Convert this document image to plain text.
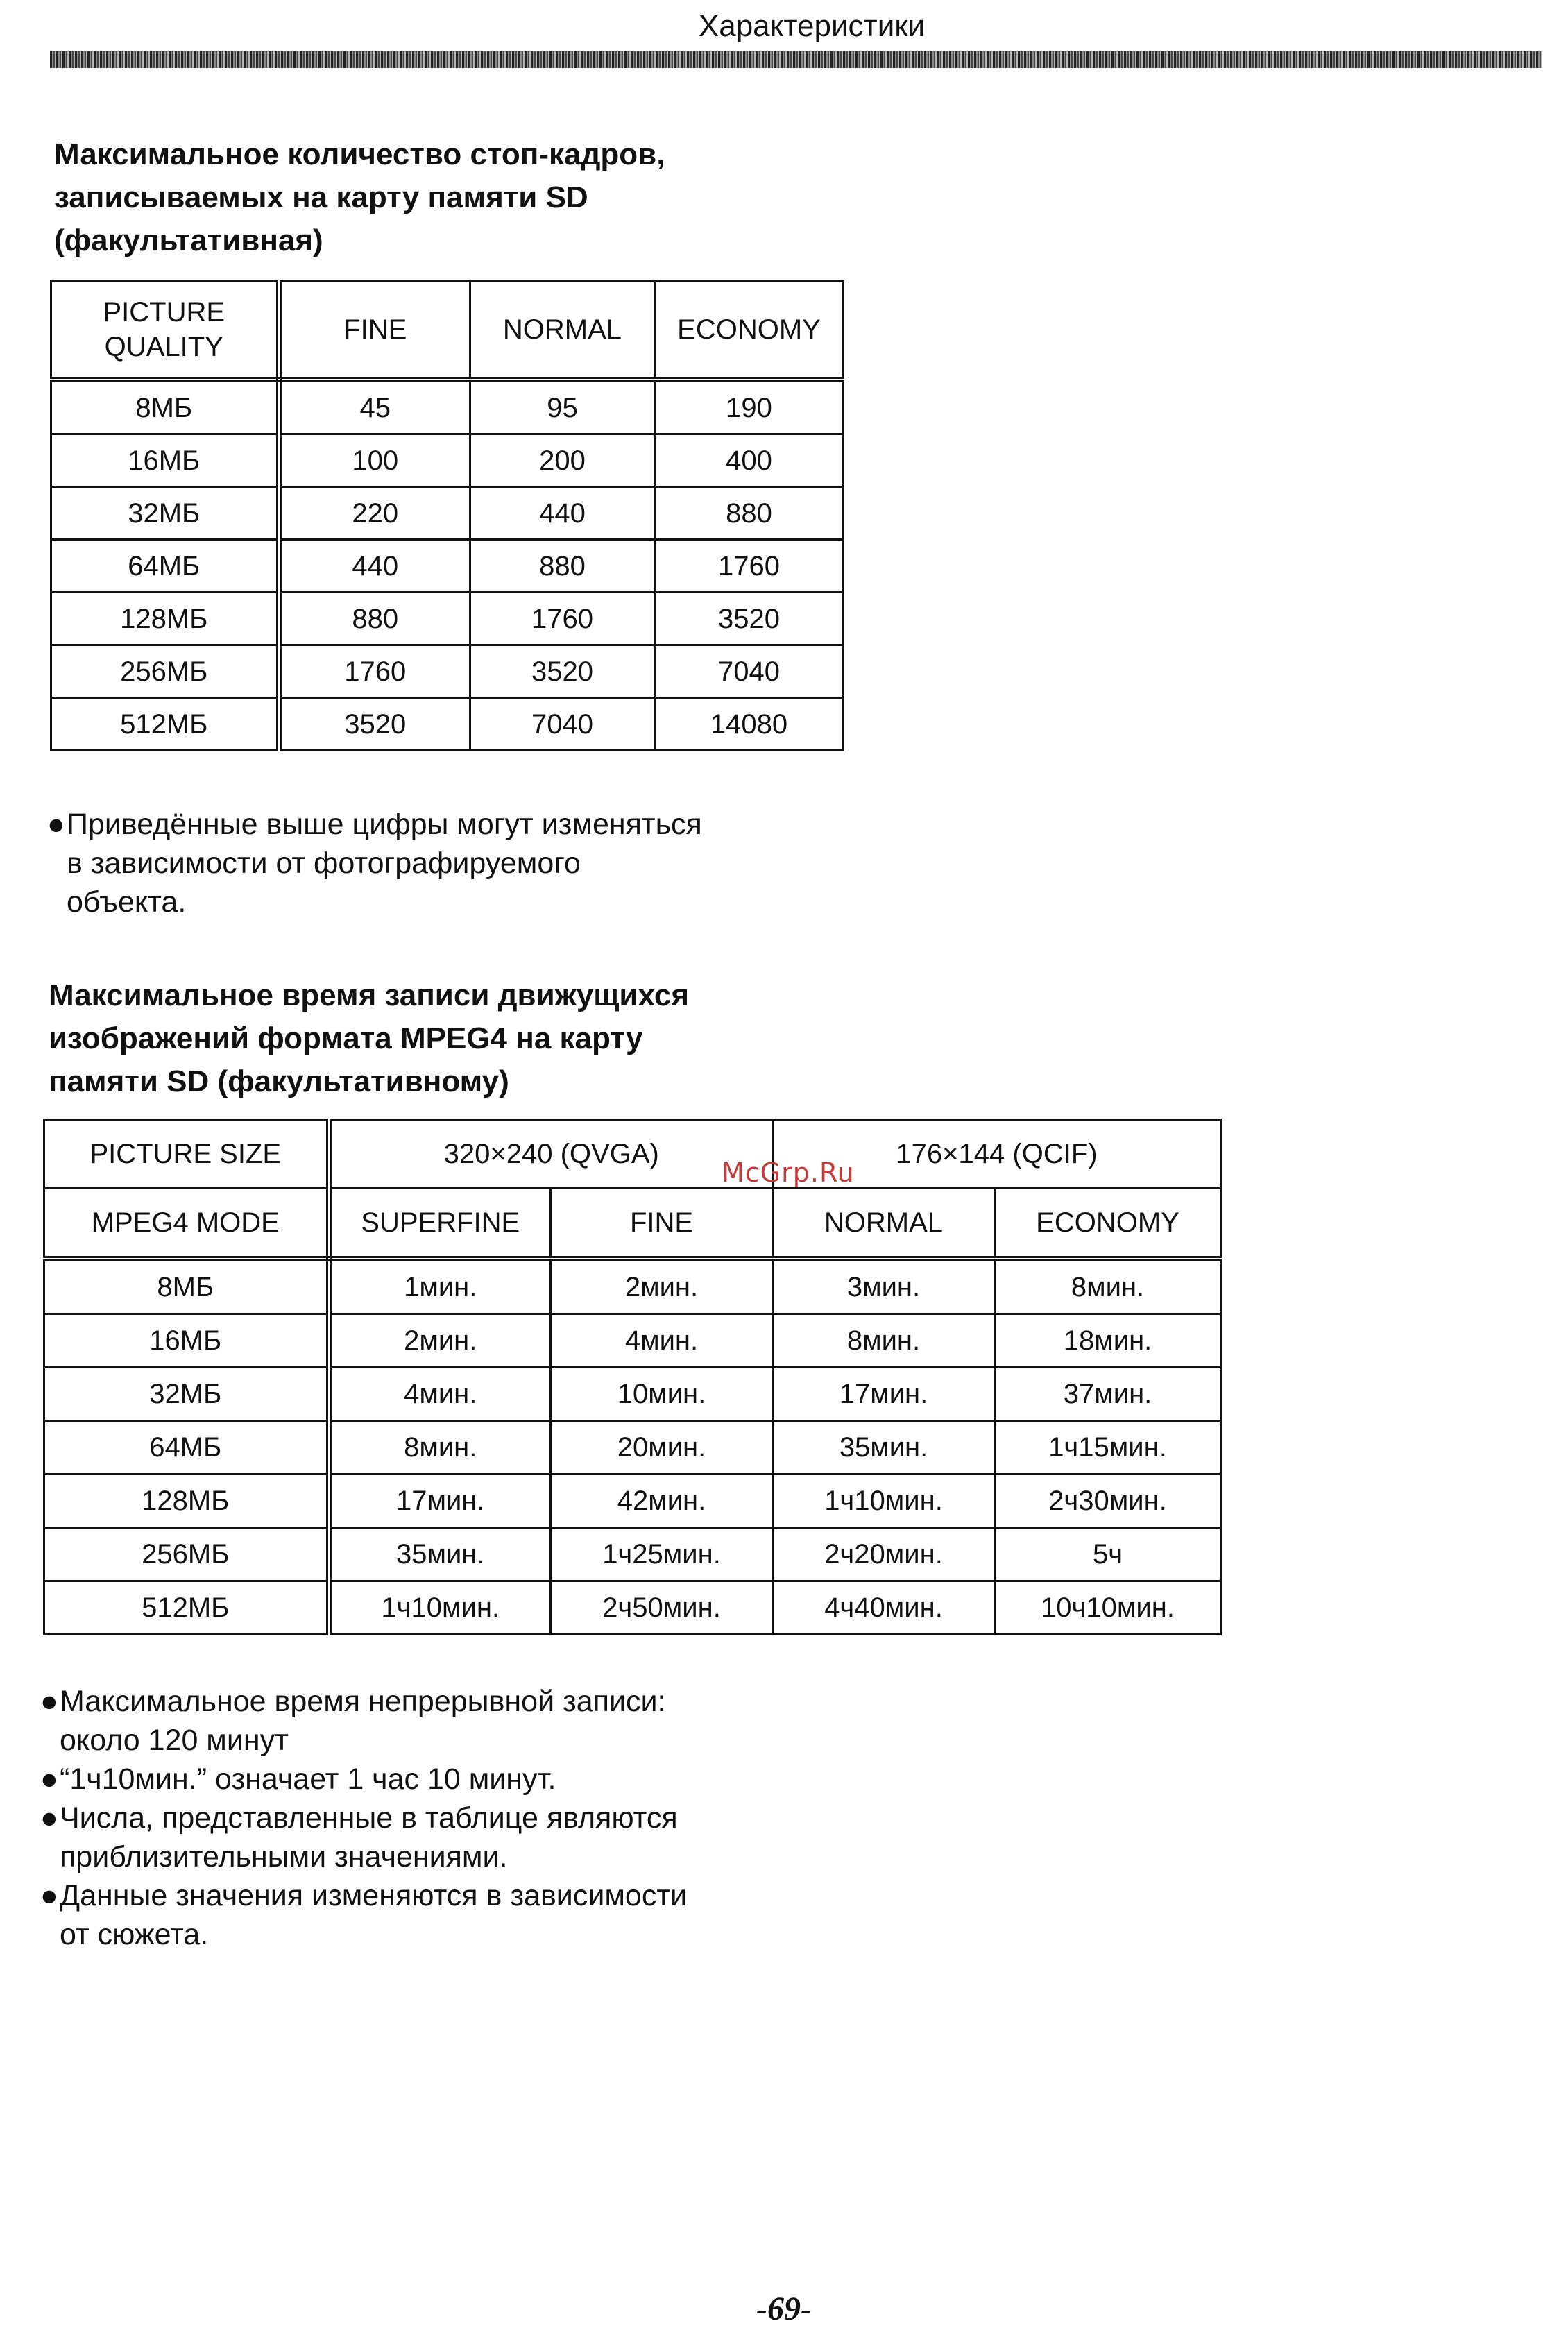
Характеристики
Максимальное количество стоп-кадров,
записываемых на карту памяти SD
(факультативная)
PICTURE
QUALITY	FINE	NORMAL	ECONOMY
8МБ	45	95	190
16МБ	100	200	400
32МБ	220	440	880
64МБ	440	880	1760
128МБ	880	1760	3520
256МБ	1760	3520	7040
512МБ	3520	7040	14080
● Приведённые выше цифры могут изменяться
в зависимости от фотографируемого
объекта.
Максимальное время записи движущихся
изображений формата MPEG4 на карту
памяти SD (факультативному)
PICTURE SIZE	320×240 (QVGA)		176×144 (QCIF)	
MPEG4 MODE	SUPERFINE	FINE	NORMAL	ECONOMY
8МБ	1мин.	2мин.	3мин.	8мин.
16МБ	2мин.	4мин.	8мин.	18мин.
32МБ	4мин.	10мин.	17мин.	37мин.
64МБ	8мин.	20мин.	35мин.	1ч15мин.
128МБ	17мин.	42мин.	1ч10мин.	2ч30мин.
256МБ	35мин.	1ч25мин.	2ч20мин.	5ч
512МБ	1ч10мин.	2ч50мин.	4ч40мин.	10ч10мин.
McGrp.Ru
● Максимальное время непрерывной записи:
около 120 минут
● “1ч10мин.” означает 1 час 10 минут.
● Числа, представленные в таблице являются
приблизительными значениями.
● Данные значения изменяются в зависимости
от сюжета.
-69-
